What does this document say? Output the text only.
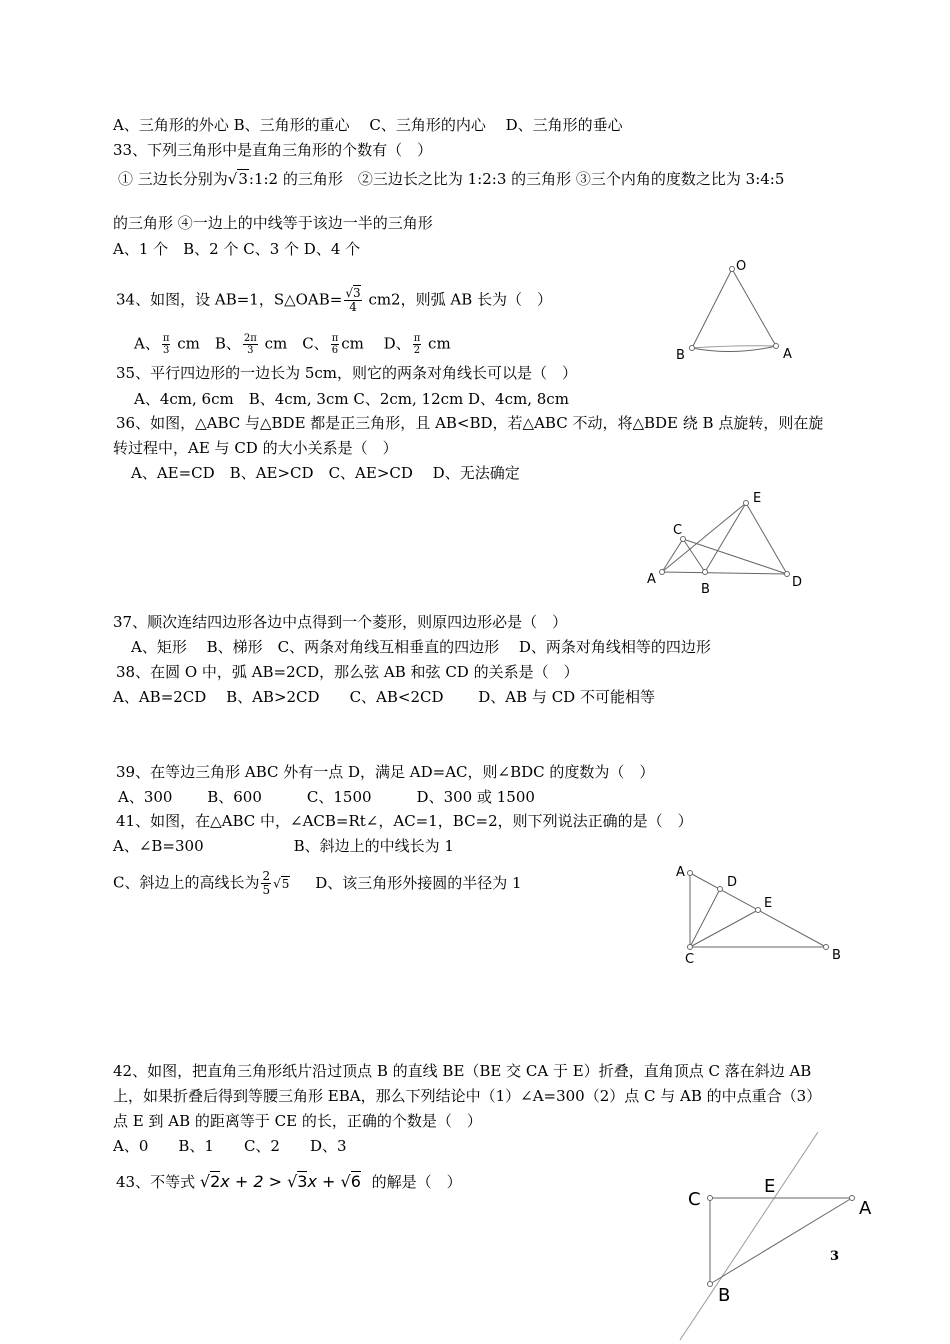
A、三角形的外心 B、三角形的重心　 C、三角形的内心　 D、三角形的垂心
33、下列三角形中是直角三角形的个数有（　）
① 三边长分别为√3:1:2 的三角形　②三边长之比为 1:2:3 的三角形 ③三个内角的度数之比为 3:4:5
的三角形 ④一边上的中线等于该边一半的三角形
A、1 个　B、2 个 C、3 个 D、4 个
34、如图，设 AB=1，S△OAB= $\frac{√3}{4} cm2$，则弧 AB 长为（　）
A、 $\frac{\pi}{3}$ cm　B、 $\frac{2\pi}{3}$ cm　C、 $\frac{\pi}{6}$ cm　 D、 $\frac{\pi}{2}$ cm
O
B	A
35、平行四边形的一边长为 5cm，则它的两条对角线长可以是（　）
A、4cm, 6cm　B、4cm, 3cm C、2cm, 12cm D、4cm, 8cm
36、如图，△ABC 与△BDE 都是正三角形，且 AB<BD，若△ABC 不动，将△BDE 绕 B 点旋转，则在旋
转过程中，AE 与 CD 的大小关系是（　）
A、AE=CD　B、AE>CD　C、AE>CD　 D、无法确定
C
E
A
B	D
37、顺次连结四边形各边中点得到一个菱形，则原四边形必是（　）
A、矩形　 B、梯形　C、两条对角线互相垂直的四边形　 D、两条对角线相等的四边形
38、在圆 O 中，弧 AB=2CD，那么弦 AB 和弦 CD 的关系是（　）
A、AB=2CD　 B、AB>2CD　　C、AB<2CD　　 D、AB 与 CD 不可能相等
39、在等边三角形 ABC 外有一点 D，满足 AD=AC，则∠BDC 的度数为（　）
A、300　　 B、600　　　C、1500　　　D、300 或 1500
41、如图，在△ABC 中，∠ACB=Rt∠，AC=1，BC=2，则下列说法正确的是（　）
A、∠B=300　　　　　　B、斜边上的中线长为 1
C、斜边上的高线长为 $\frac{2}{5} √5$ D、该三角形外接圆的半径为 1
A
D
E
C	B
42、如图，把直角三角形纸片沿过顶点 B 的直线 BE（BE 交 CA 于 E）折叠，直角顶点 C 落在斜边 AB
上，如果折叠后得到等腰三角形 EBA，那么下列结论中（1）∠A=300（2）点 C 与 AB 的中点重合（3）
点 E 到 AB 的距离等于 CE 的长，正确的个数是（　）
A、0　　B、1　　C、2　　D、3
43、不等式 √2x + 2 > √3x + √6 的解是（　）
C
E
A
B
3
